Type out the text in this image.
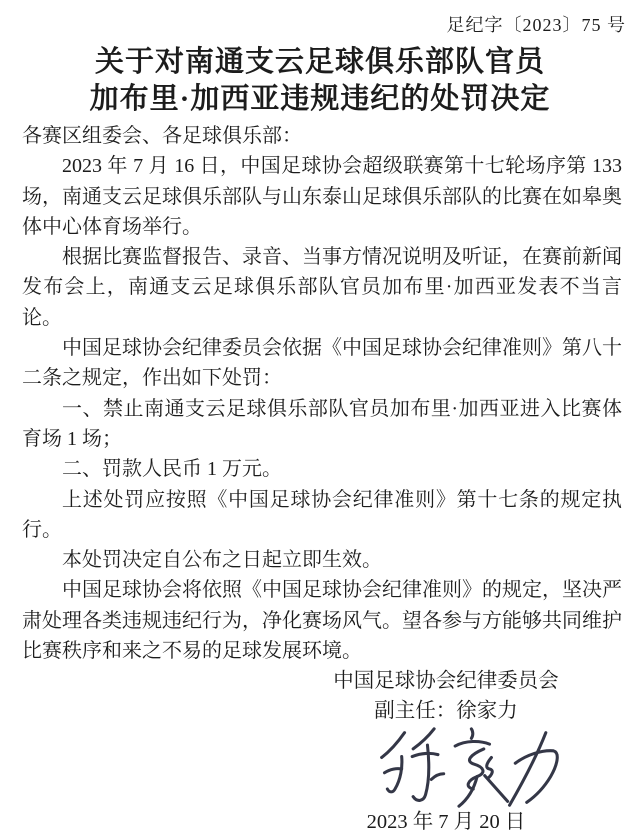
足纪字〔2023〕75 号
关于对南通支云足球俱乐部队官员
加布里·加西亚违规违纪的处罚决定

各赛区组委会、各足球俱乐部：

2023 年 7 月 16 日，中国足球协会超级联赛第十七轮场序第 133 场，南通支云足球俱乐部队与山东泰山足球俱乐部队的比赛在如皋奥体中心体育场举行。

根据比赛监督报告、录音、当事方情况说明及听证，在赛前新闻发布会上，南通支云足球俱乐部队官员加布里·加西亚发表不当言论。

中国足球协会纪律委员会依据《中国足球协会纪律准则》第八十二条之规定，作出如下处罚：

一、禁止南通支云足球俱乐部队官员加布里·加西亚进入比赛体育场 1 场；

二、罚款人民币 1 万元。

上述处罚应按照《中国足球协会纪律准则》第十七条的规定执行。

本处罚决定自公布之日起立即生效。

中国足球协会将依照《中国足球协会纪律准则》的规定，坚决严肃处理各类违规违纪行为，净化赛场风气。望各参与方能够共同维护比赛秩序和来之不易的足球发展环境。

中国足球协会纪律委员会
副主任：徐家力
2023 年 7 月 20 日
